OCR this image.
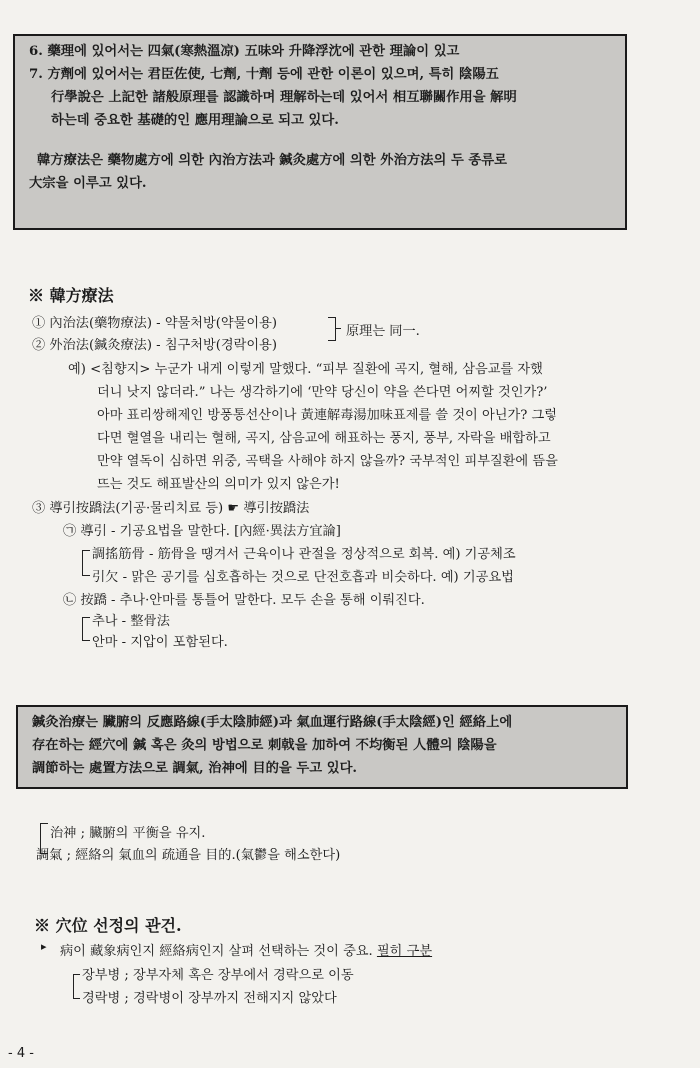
6. 藥理에 있어서는 四氣(寒熱溫凉) 五味와 升降浮沈에 관한 理論이 있고

7. 方劑에 있어서는 君臣佐使, 七劑, 十劑 등에 관한 이론이 있으며, 특히 陰陽五

行學說은 上記한 諸般原理를 認識하며 理解하는데 있어서 相互聯關作用을 解明

하는데 중요한 基礎的인 應用理論으로 되고 있다.

韓方療法은 藥物處方에 의한 內治方法과 鍼灸處方에 의한 外治方法의 두 종류로

大宗을 이루고 있다.

※ 韓方療法
① 內治法(藥物療法) - 약물처방(약물이용)
② 外治法(鍼灸療法) - 침구처방(경락이용)
原理는 同一.
예) <침향지> 누군가 내게 이렇게 말했다. “피부 질환에 곡지, 혈해, 삼음교를 자했
더니 낫지 않더라.” 나는 생각하기에 ‘만약 당신이 약을 쓴다면 어찌할 것인가?’
아마 표리쌍해제인 방풍통선산이나 黃連解毒湯加味표제를 쓸 것이 아닌가? 그렇
다면 혈열을 내리는 혈해, 곡지, 삼음교에 해표하는 풍지, 풍부, 자락을 배합하고
만약 열독이 심하면 위중, 곡택을 사해야 하지 않을까? 국부적인 피부질환에 뜸을
뜨는 것도 해표발산의 의미가 있지 않은가!
③ 導引按蹻法(기공·물리치료 등) ☛ 導引按蹻法
㉠ 導引 - 기공요법을 말한다. [內經·異法方宜論]
調搖筋骨 - 筋骨을 땡겨서 근육이나 관절을 정상적으로 회복. 예) 기공체조
引欠 - 맑은 공기를 심호흡하는 것으로 단전호흡과 비슷하다. 예) 기공요법
㉡ 按蹻 - 추나·안마를 통틀어 말한다. 모두 손을 통해 이뤄진다.
추나 - 整骨法
안마 - 지압이 포함된다.

鍼灸治療는 臟腑의 反應路線(手太陰肺經)과 氣血運行路線(手太陰經)인 經絡上에

存在하는 經穴에 鍼 혹은 灸의 방법으로 刺戟을 加하여 不均衡된 人體의 陰陽을

調節하는 處置方法으로 調氣, 治神에 目的을 두고 있다.

治神 ; 臟腑의 平衡을 유지.
調氣 ; 經絡의 氣血의 疏通을 目的.(氣鬱을 해소한다)
※ 穴位 선정의 관건.
▸ 病이 藏象病인지 經絡病인지 살펴 선택하는 것이 중요. 필히 구분
장부병 ; 장부자체 혹은 장부에서 경락으로 이동
경락병 ; 경락병이 장부까지 전해지지 않았다
- 4 -
